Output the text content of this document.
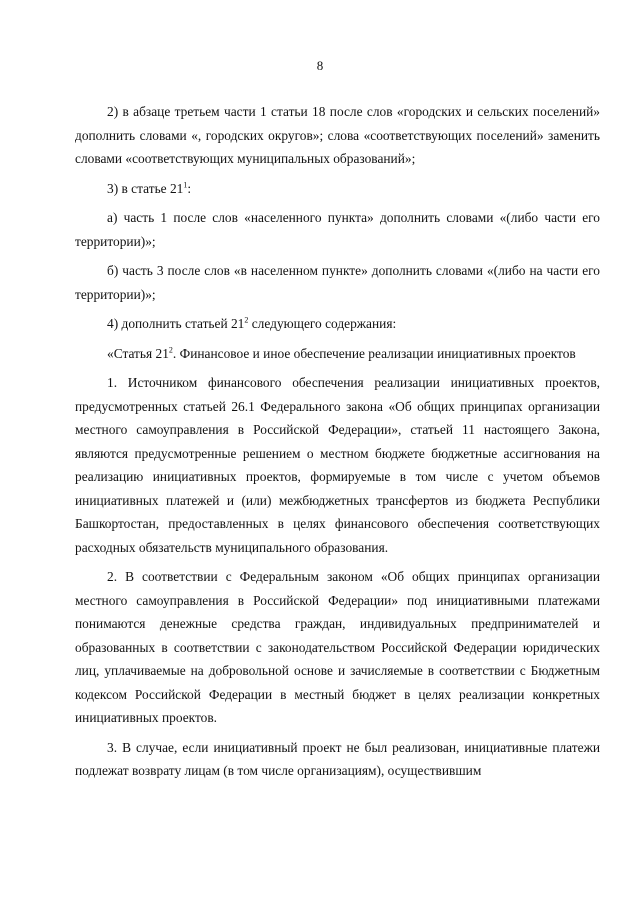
8

2) в абзаце третьем части 1 статьи 18 после слов «городских и сельских поселений» дополнить словами «, городских округов»; слова «соответствующих поселений» заменить словами «соответствующих муниципальных образований»;

3) в статье $21^1$:

а) часть 1 после слов «населенного пункта» дополнить словами «(либо части его территории)»;

б) часть 3 после слов «в населенном пункте» дополнить словами «(либо на части его территории)»;

4) дополнить статьей $21^2$ следующего содержания:

«Статья $21^2$. Финансовое и иное обеспечение реализации инициативных проектов

1. Источником финансового обеспечения реализации инициативных проектов, предусмотренных статьей 26.1 Федерального закона «Об общих принципах организации местного самоуправления в Российской Федерации», статьей 11 настоящего Закона, являются предусмотренные решением о местном бюджете бюджетные ассигнования на реализацию инициативных проектов, формируемые в том числе с учетом объемов инициативных платежей и (или) межбюджетных трансфертов из бюджета Республики Башкортостан, предоставленных в целях финансового обеспечения соответствующих расходных обязательств муниципального образования.

2. В соответствии с Федеральным законом «Об общих принципах организации местного самоуправления в Российской Федерации» под инициативными платежами понимаются денежные средства граждан, индивидуальных предпринимателей и образованных в соответствии с законодательством Российской Федерации юридических лиц, уплачиваемые на добровольной основе и зачисляемые в соответствии с Бюджетным кодексом Российской Федерации в местный бюджет в целях реализации конкретных инициативных проектов.

3. В случае, если инициативный проект не был реализован, инициативные платежи подлежат возврату лицам (в том числе организациям), осуществившим
